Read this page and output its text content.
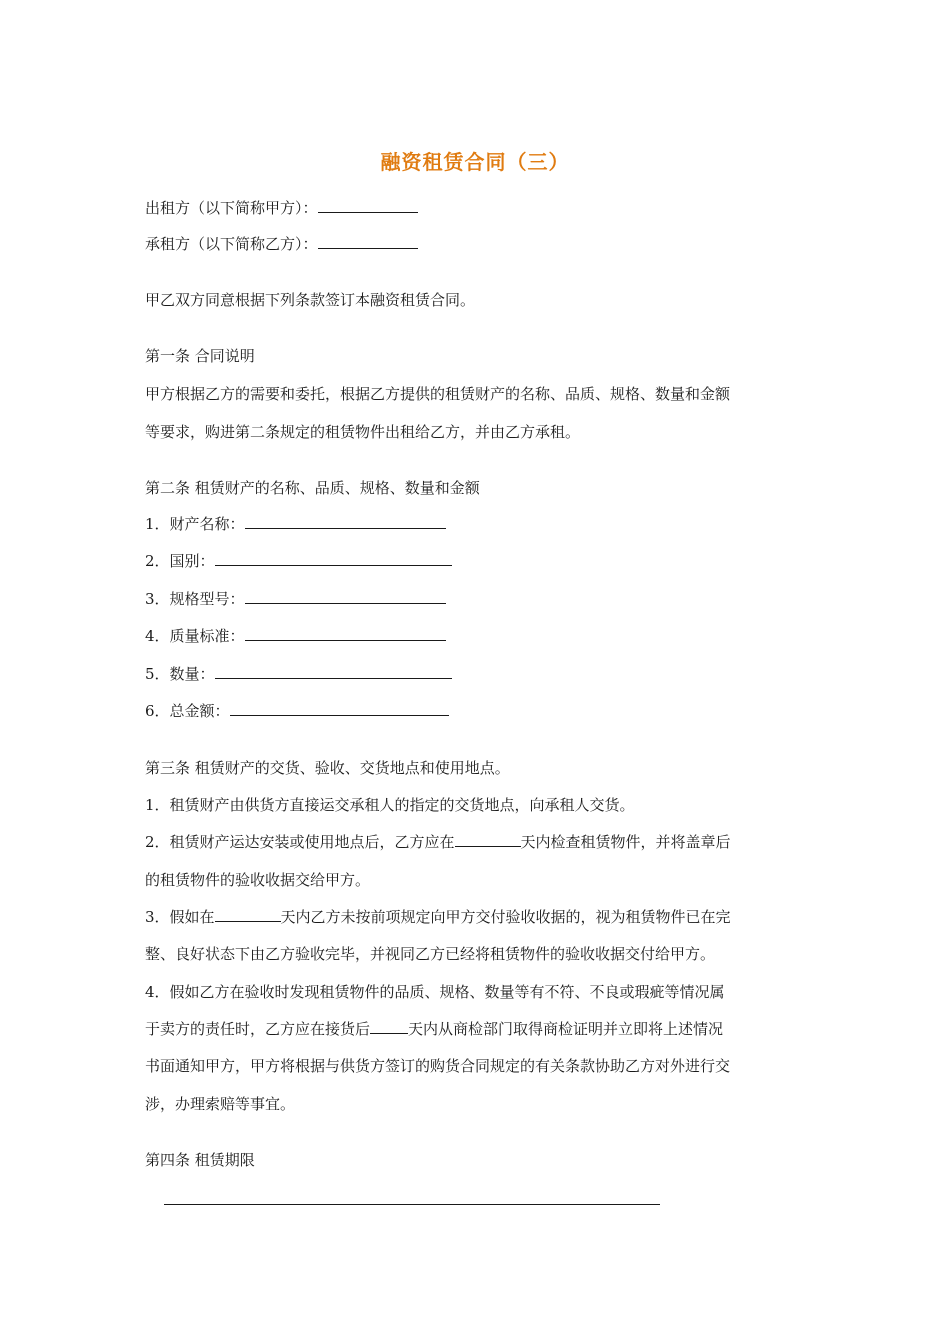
融资租赁合同（三）
出租方（以下简称甲方）：
承租方（以下简称乙方）：
甲乙双方同意根据下列条款签订本融资租赁合同。
第一条 合同说明
甲方根据乙方的需要和委托，根据乙方提供的租赁财产的名称、品质、规格、数量和金额
等要求，购进第二条规定的租赁物件出租给乙方，并由乙方承租。
第二条 租赁财产的名称、品质、规格、数量和金额
1．财产名称：
2．国别：
3．规格型号：
4．质量标准：
5．数量：
6．总金额：
第三条 租赁财产的交货、验收、交货地点和使用地点。
1．租赁财产由供货方直接运交承租人的指定的交货地点，向承租人交货。
2．租赁财产运达安装或使用地点后，乙方应在	天内检查租赁物件，并将盖章后
的租赁物件的验收收据交给甲方。
3．假如在	天内乙方未按前项规定向甲方交付验收收据的，视为租赁物件已在完
整、良好状态下由乙方验收完毕，并视同乙方已经将租赁物件的验收收据交付给甲方。
4．假如乙方在验收时发现租赁物件的品质、规格、数量等有不符、不良或瑕疵等情况属
于卖方的责任时，乙方应在接货后	天内从商检部门取得商检证明并立即将上述情况
书面通知甲方，甲方将根据与供货方签订的购货合同规定的有关条款协助乙方对外进行交
涉，办理索赔等事宜。
第四条 租赁期限
